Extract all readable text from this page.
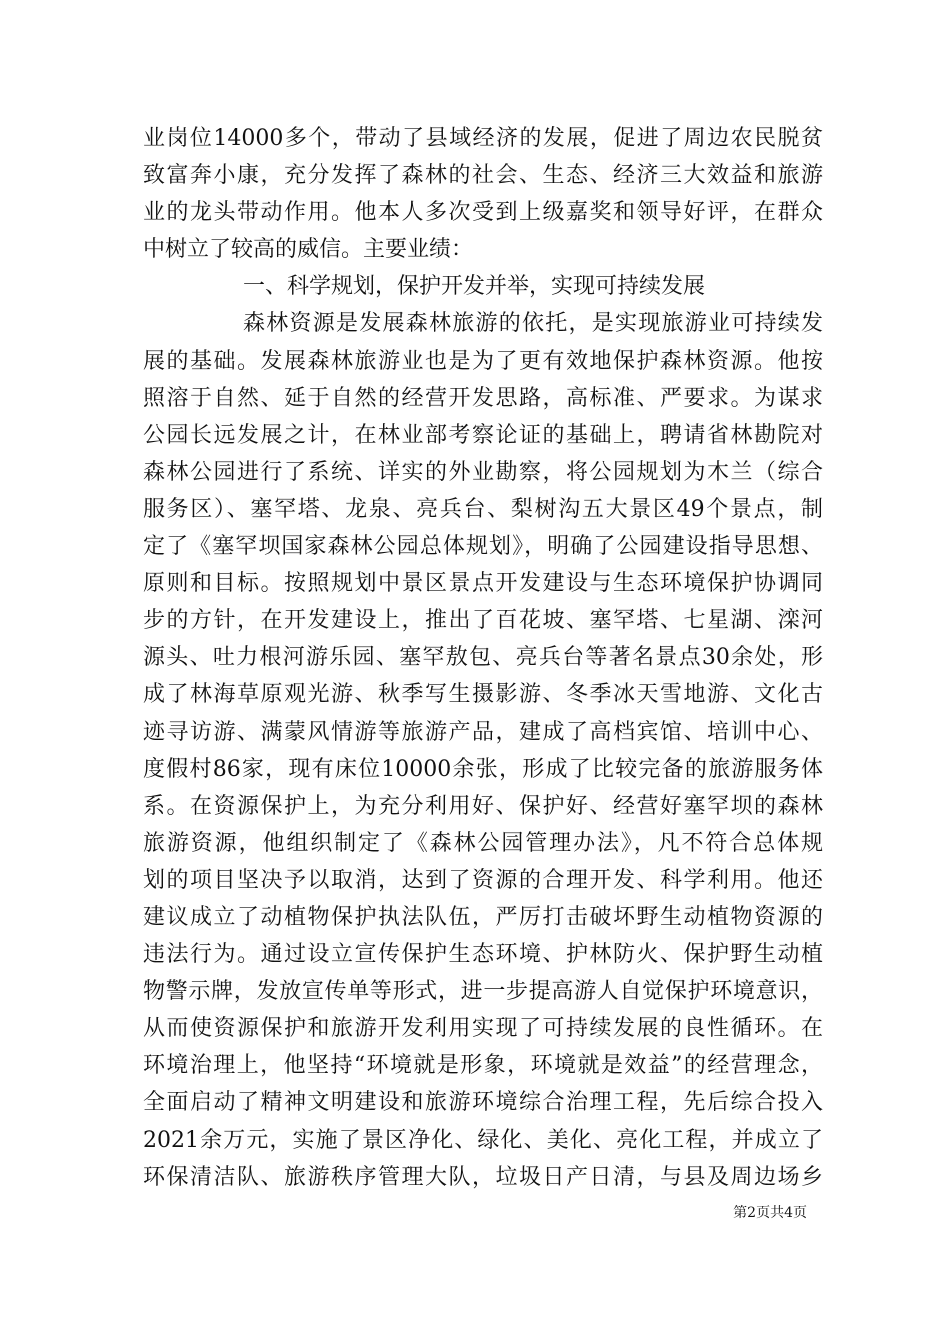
业岗位14000多个，带动了县域经济的发展，促进了周边农民脱贫
致富奔小康，充分发挥了森林的社会、生态、经济三大效益和旅游
业的龙头带动作用。他本人多次受到上级嘉奖和领导好评，在群众
中树立了较高的威信。主要业绩：
一、科学规划，保护开发并举，实现可持续发展
森林资源是发展森林旅游的依托，是实现旅游业可持续发
展的基础。发展森林旅游业也是为了更有效地保护森林资源。他按
照溶于自然、延于自然的经营开发思路，高标准、严要求。为谋求
公园长远发展之计，在林业部考察论证的基础上，聘请省林勘院对
森林公园进行了系统、详实的外业勘察，将公园规划为木兰（综合
服务区）、塞罕塔、龙泉、亮兵台、梨树沟五大景区49个景点，制
定了《塞罕坝国家森林公园总体规划》，明确了公园建设指导思想、
原则和目标。按照规划中景区景点开发建设与生态环境保护协调同
步的方针，在开发建设上，推出了百花坡、塞罕塔、七星湖、滦河
源头、吐力根河游乐园、塞罕敖包、亮兵台等著名景点30余处，形
成了林海草原观光游、秋季写生摄影游、冬季冰天雪地游、文化古
迹寻访游、满蒙风情游等旅游产品，建成了高档宾馆、培训中心、
度假村86家，现有床位10000余张，形成了比较完备的旅游服务体
系。在资源保护上，为充分利用好、保护好、经营好塞罕坝的森林
旅游资源，他组织制定了《森林公园管理办法》，凡不符合总体规
划的项目坚决予以取消，达到了资源的合理开发、科学利用。他还
建议成立了动植物保护执法队伍，严厉打击破坏野生动植物资源的
违法行为。通过设立宣传保护生态环境、护林防火、保护野生动植
物警示牌，发放宣传单等形式，进一步提高游人自觉保护环境意识，
从而使资源保护和旅游开发利用实现了可持续发展的良性循环。在
环境治理上，他坚持“环境就是形象，环境就是效益”的经营理念，
全面启动了精神文明建设和旅游环境综合治理工程，先后综合投入
2021余万元，实施了景区净化、绿化、美化、亮化工程，并成立了
环保清洁队、旅游秩序管理大队，垃圾日产日清，与县及周边场乡
第2页共4页
